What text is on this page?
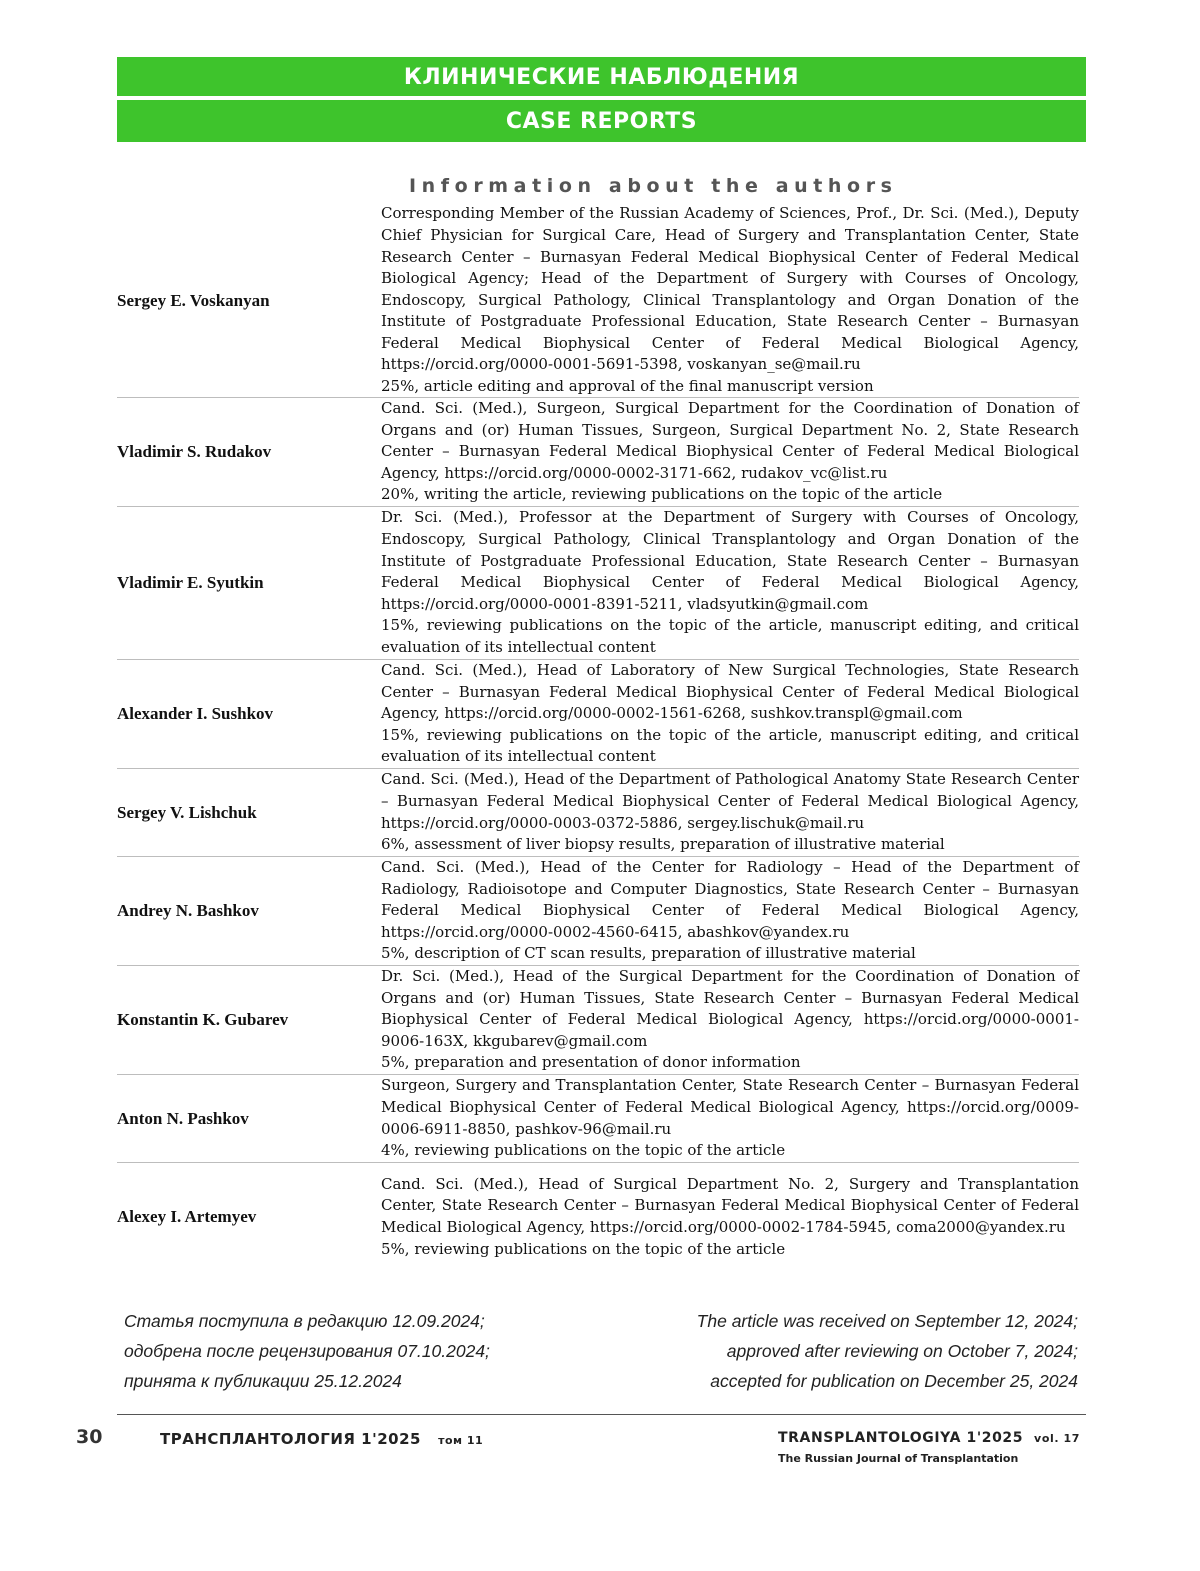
КЛИНИЧЕСКИЕ НАБЛЮДЕНИЯ
CASE REPORTS
Information about the authors
Sergey E. Voskanyan
Corresponding Member of the Russian Academy of Sciences, Prof., Dr. Sci. (Med.), Deputy Chief Physician for Surgical Care, Head of Surgery and Transplantation Center, State Research Center – Burnasyan Federal Medical Biophysical Center of Federal Medical Biological Agency; Head of the Department of Surgery with Courses of Oncology, Endoscopy, Surgical Pathology, Clinical Transplantology and Organ Donation of the Institute of Postgraduate Professional Education, State Research Center – Burnasyan Federal Medical Biophysical Center of Federal Medical Biological Agency, https://orcid.org/0000-0001-5691-5398, voskanyan_se@mail.ru
25%, article editing and approval of the final manuscript version
Vladimir S. Rudakov
Cand. Sci. (Med.), Surgeon, Surgical Department for the Coordination of Donation of Organs and (or) Human Tissues, Surgeon, Surgical Department No. 2, State Research Center – Burnasyan Federal Medical Biophysical Center of Federal Medical Biological Agency, https://orcid.org/0000-0002-3171-662, rudakov_vc@list.ru
20%, writing the article, reviewing publications on the topic of the article
Vladimir E. Syutkin
Dr. Sci. (Med.), Professor at the Department of Surgery with Courses of Oncology, Endoscopy, Surgical Pathology, Clinical Transplantology and Organ Donation of the Institute of Postgraduate Professional Education, State Research Center – Burnasyan Federal Medical Biophysical Center of Federal Medical Biological Agency, https://orcid.org/0000-0001-8391-5211, vladsyutkin@gmail.com
15%, reviewing publications on the topic of the article, manuscript editing, and critical evaluation of its intellectual content
Alexander I. Sushkov
Cand. Sci. (Med.), Head of Laboratory of New Surgical Technologies, State Research Center – Burnasyan Federal Medical Biophysical Center of Federal Medical Biological Agency, https://orcid.org/0000-0002-1561-6268, sushkov.transpl@gmail.com
15%, reviewing publications on the topic of the article, manuscript editing, and critical evaluation of its intellectual content
Sergey V. Lishchuk
Cand. Sci. (Med.), Head of the Department of Pathological Anatomy State Research Center – Burnasyan Federal Medical Biophysical Center of Federal Medical Biological Agency, https://orcid.org/0000-0003-0372-5886, sergey.lischuk@mail.ru
6%, assessment of liver biopsy results, preparation of illustrative material
Andrey N. Bashkov
Cand. Sci. (Med.), Head of the Center for Radiology – Head of the Department of Radiology, Radioisotope and Computer Diagnostics, State Research Center – Burnasyan Federal Medical Biophysical Center of Federal Medical Biological Agency, https://orcid.org/0000-0002-4560-6415, abashkov@yandex.ru
5%, description of CT scan results, preparation of illustrative material
Konstantin K. Gubarev
Dr. Sci. (Med.), Head of the Surgical Department for the Coordination of Donation of Organs and (or) Human Tissues, State Research Center – Burnasyan Federal Medical Biophysical Center of Federal Medical Biological Agency, https://orcid.org/0000-0001-9006-163X, kkgubarev@gmail.com
5%, preparation and presentation of donor information
Anton N. Pashkov
Surgeon, Surgery and Transplantation Center, State Research Center – Burnasyan Federal Medical Biophysical Center of Federal Medical Biological Agency, https://orcid.org/0009-0006-6911-8850, pashkov-96@mail.ru
4%, reviewing publications on the topic of the article
Alexey I. Artemyev
Cand. Sci. (Med.), Head of Surgical Department No. 2, Surgery and Transplantation Center, State Research Center – Burnasyan Federal Medical Biophysical Center of Federal Medical Biological Agency, https://orcid.org/0000-0002-1784-5945, coma2000@yandex.ru
5%, reviewing publications on the topic of the article
Статья поступила в редакцию 12.09.2024;
одобрена после рецензирования 07.10.2024;
принята к публикации 25.12.2024
The article was received on September 12, 2024;
approved after reviewing on October 7, 2024;
accepted for publication on December 25, 2024
30	ТРАНСПЛАНТОЛОГИЯ 1'2025 том 11	TRANSPLANTOLOGIYA 1'2025 vol. 17
The Russian Journal of Transplantation
